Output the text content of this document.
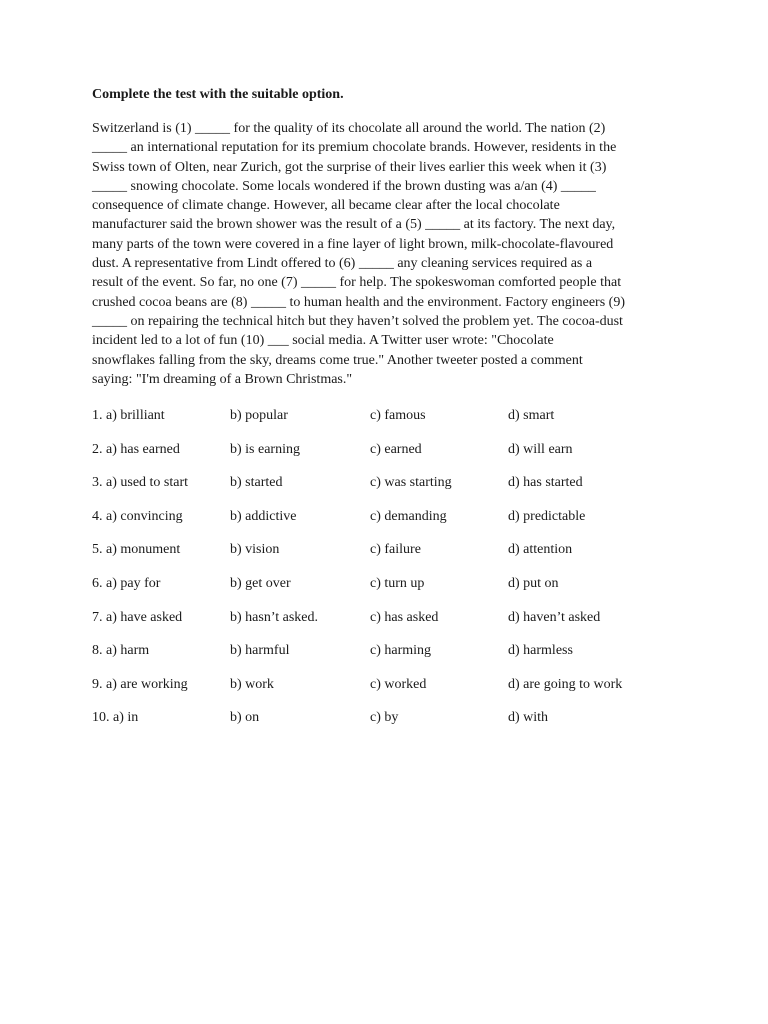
Complete the test with the suitable option.
Switzerland is (1) _____ for the quality of its chocolate all around the world. The nation (2)
_____ an international reputation for its premium chocolate brands. However, residents in the
Swiss town of Olten, near Zurich, got the surprise of their lives earlier this week when it (3)
_____ snowing chocolate. Some locals wondered if the brown dusting was a/an (4) _____
consequence of climate change. However, all became clear after the local chocolate
manufacturer said the brown shower was the result of a (5) _____ at its factory. The next day,
many parts of the town were covered in a fine layer of light brown, milk-chocolate-flavoured
dust. A representative from Lindt offered to (6) _____ any cleaning services required as a
result of the event. So far, no one (7) _____ for help. The spokeswoman comforted people that
crushed cocoa beans are (8) _____ to human health and the environment. Factory engineers (9)
_____ on repairing the technical hitch but they haven’t solved the problem yet. The cocoa-dust
incident led to a lot of fun (10) ___ social media. A Twitter user wrote: "Chocolate
snowflakes falling from the sky, dreams come true." Another tweeter posted a comment
saying: "I'm dreaming of a Brown Christmas."
1. a) brilliant	b) popular	c) famous	d) smart
2. a) has earned	b) is earning	c) earned	d) will earn
3. a) used to start	b) started	c) was starting	d) has started
4. a) convincing	b) addictive	c) demanding	d) predictable
5. a) monument	b) vision	c) failure	d) attention
6. a) pay for	b) get over	c) turn up	d) put on
7. a) have asked	b) hasn’t asked.	c) has asked	d) haven’t asked
8. a) harm	b) harmful	c) harming	d) harmless
9. a) are working	b) work	c) worked	d) are going to work
10. a) in	b) on	c) by	d) with
